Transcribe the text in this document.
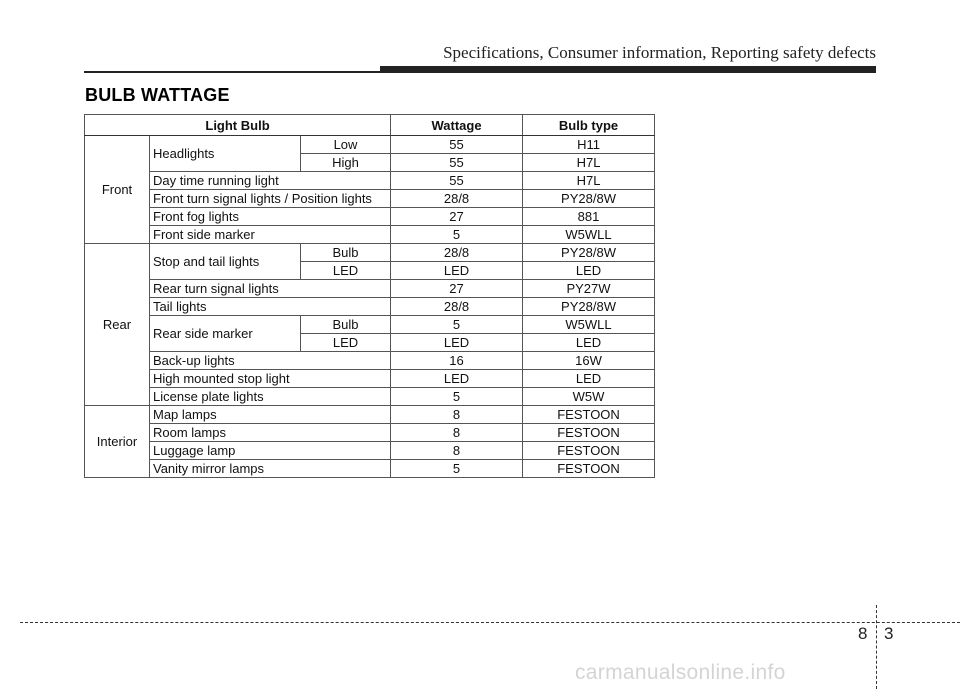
Specifications, Consumer information, Reporting safety defects
BULB WATTAGE
Light Bulb			Wattage	Bulb type
Front	Headlights	Low	55	H11
		High	55	H7L
	Day time running light		55	H7L
	Front turn signal lights / Position lights		28/8	PY28/8W
	Front fog lights		27	881
	Front side marker		5	W5WLL
Rear	Stop and tail lights	Bulb	28/8	PY28/8W
		LED	LED	LED
	Rear turn signal lights		27	PY27W
	Tail lights		28/8	PY28/8W
	Rear side marker	Bulb	5	W5WLL
		LED	LED	LED
	Back-up lights		16	16W
	High mounted stop light		LED	LED
	License plate lights		5	W5W
Interior	Map lamps		8	FESTOON
	Room lamps		8	FESTOON
	Luggage lamp		8	FESTOON
	Vanity mirror lamps		5	FESTOON
8 3
carmanualsonline.info
